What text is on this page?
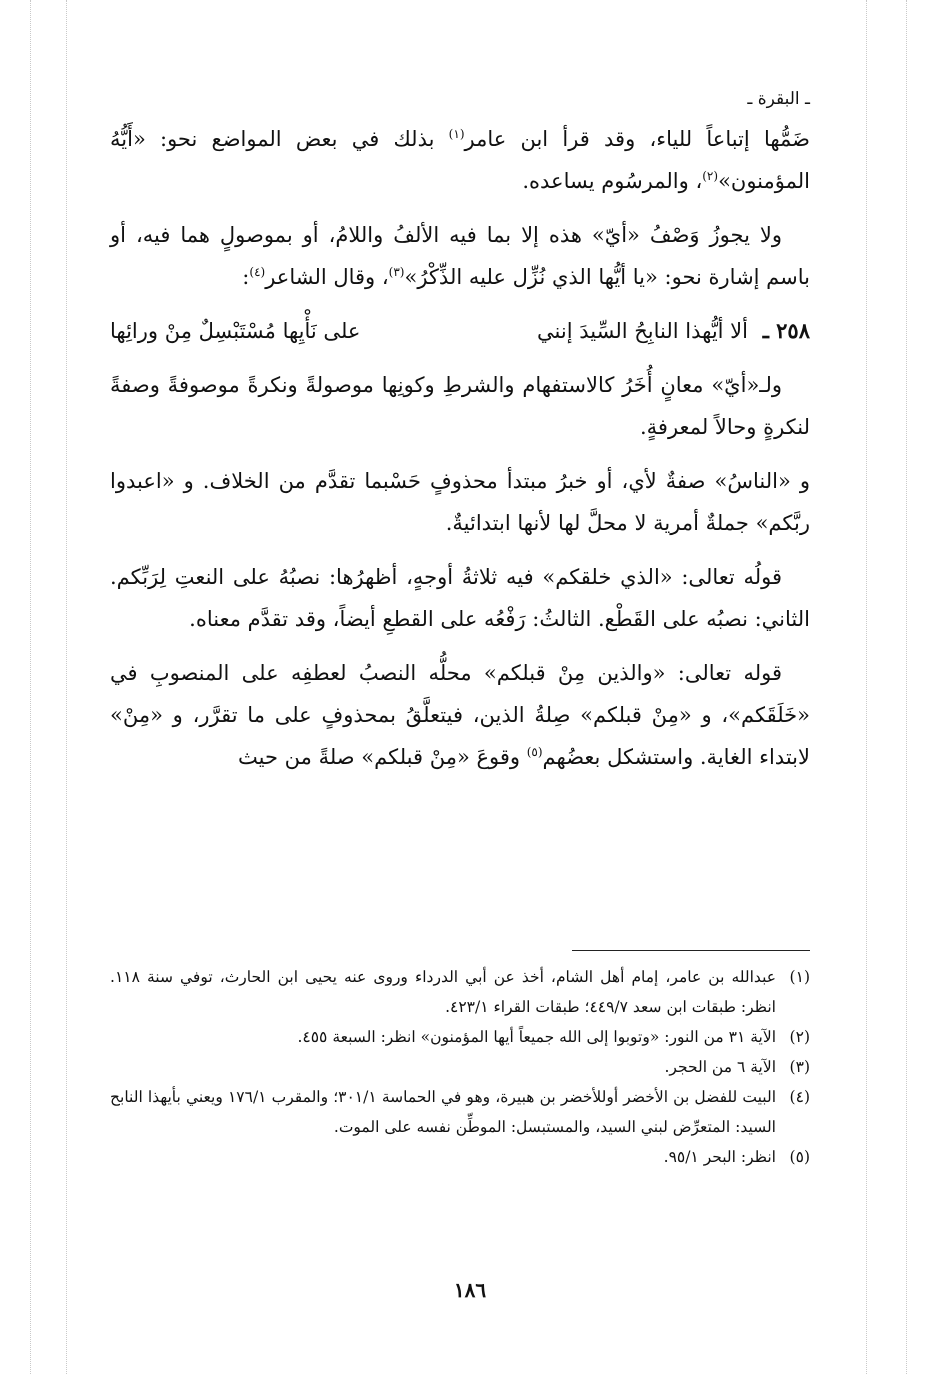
ـ البقرة ـ

ضَمُّها إتباعاً للياء، وقد قرأ ابن عامر$^{(١)}$ بذلك في بعض المواضع نحو: «أَيُّهُ المؤمنون»$^{(٢)}$، والمرسُوم يساعده.

ولا يجوزُ وَصْفُ «أيّ» هذه إلا بما فيه الألفُ واللامُ، أو بموصولٍ هما فيه، أو باسم إشارة نحو: «يا أيُّها الذي نُزِّل عليه الذِّكْرُ»$^{(٣)}$، وقال الشاعر$^{(٤)}$:

٢٥٨ ـ ألا أيُّهذا النابِحُ السِّيدَ إنني
على نَأْيِها مُسْتَبْسِلٌ مِنْ ورائِها

ولـ«أيّ» معانٍ أُخَرُ كالاستفهام والشرطِ وكونِها موصولةً ونكرةً موصوفةً وصفةً لنكرةٍ وحالاً لمعرفةٍ.

و «الناسُ» صفةٌ لأي، أو خبرُ مبتدأ محذوفٍ حَسْبما تقدَّم من الخلاف. و «اعبدوا ربَّكم» جملةٌ أمرية لا محلَّ لها لأنها ابتدائيةٌ.

قولُه تعالى: «الذي خلقكم» فيه ثلاثةُ أوجهٍ، أظهرُها: نصبُهُ على النعتِ لِرَبِّكم. الثاني: نصبُه على القَطْع. الثالثُ: رَفْعُه على القطعِ أيضاً، وقد تقدَّم معناه.

قوله تعالى: «والذين مِنْ قبلكم» محلُّه النصبُ لعطفِه على المنصوبِ في «خَلَقَكم»، و «مِنْ قبلكم» صِلةُ الذين، فيتعلَّقُ بمحذوفٍ على ما تقرَّر، و «مِنْ» لابتداء الغاية. واستشكل بعضُهم$^{(٥)}$ وقوعَ «مِنْ قبلكم» صلةً من حيث

(١)
عبدالله بن عامر، إمام أهل الشام، أخذ عن أبي الدرداء وروى عنه يحيى ابن الحارث، توفي سنة ١١٨. انظر: طبقات ابن سعد ٤٤٩/٧؛ طبقات القراء ٤٢٣/١.
(٢)
الآية ٣١ من النور: «وتوبوا إلى الله جميعاً أيها المؤمنون» انظر: السبعة ٤٥٥.
(٣)
الآية ٦ من الحجر.
(٤)
البيت للفضل بن الأخضر أوللأخضر بن هبيرة، وهو في الحماسة ٣٠١/١؛ والمقرب ١٧٦/١ ويعني بأيهذا النابح السيد: المتعرِّض لبني السيد، والمستبسل: الموطِّن نفسه على الموت.
(٥)
انظر: البحر ٩٥/١.
١٨٦
